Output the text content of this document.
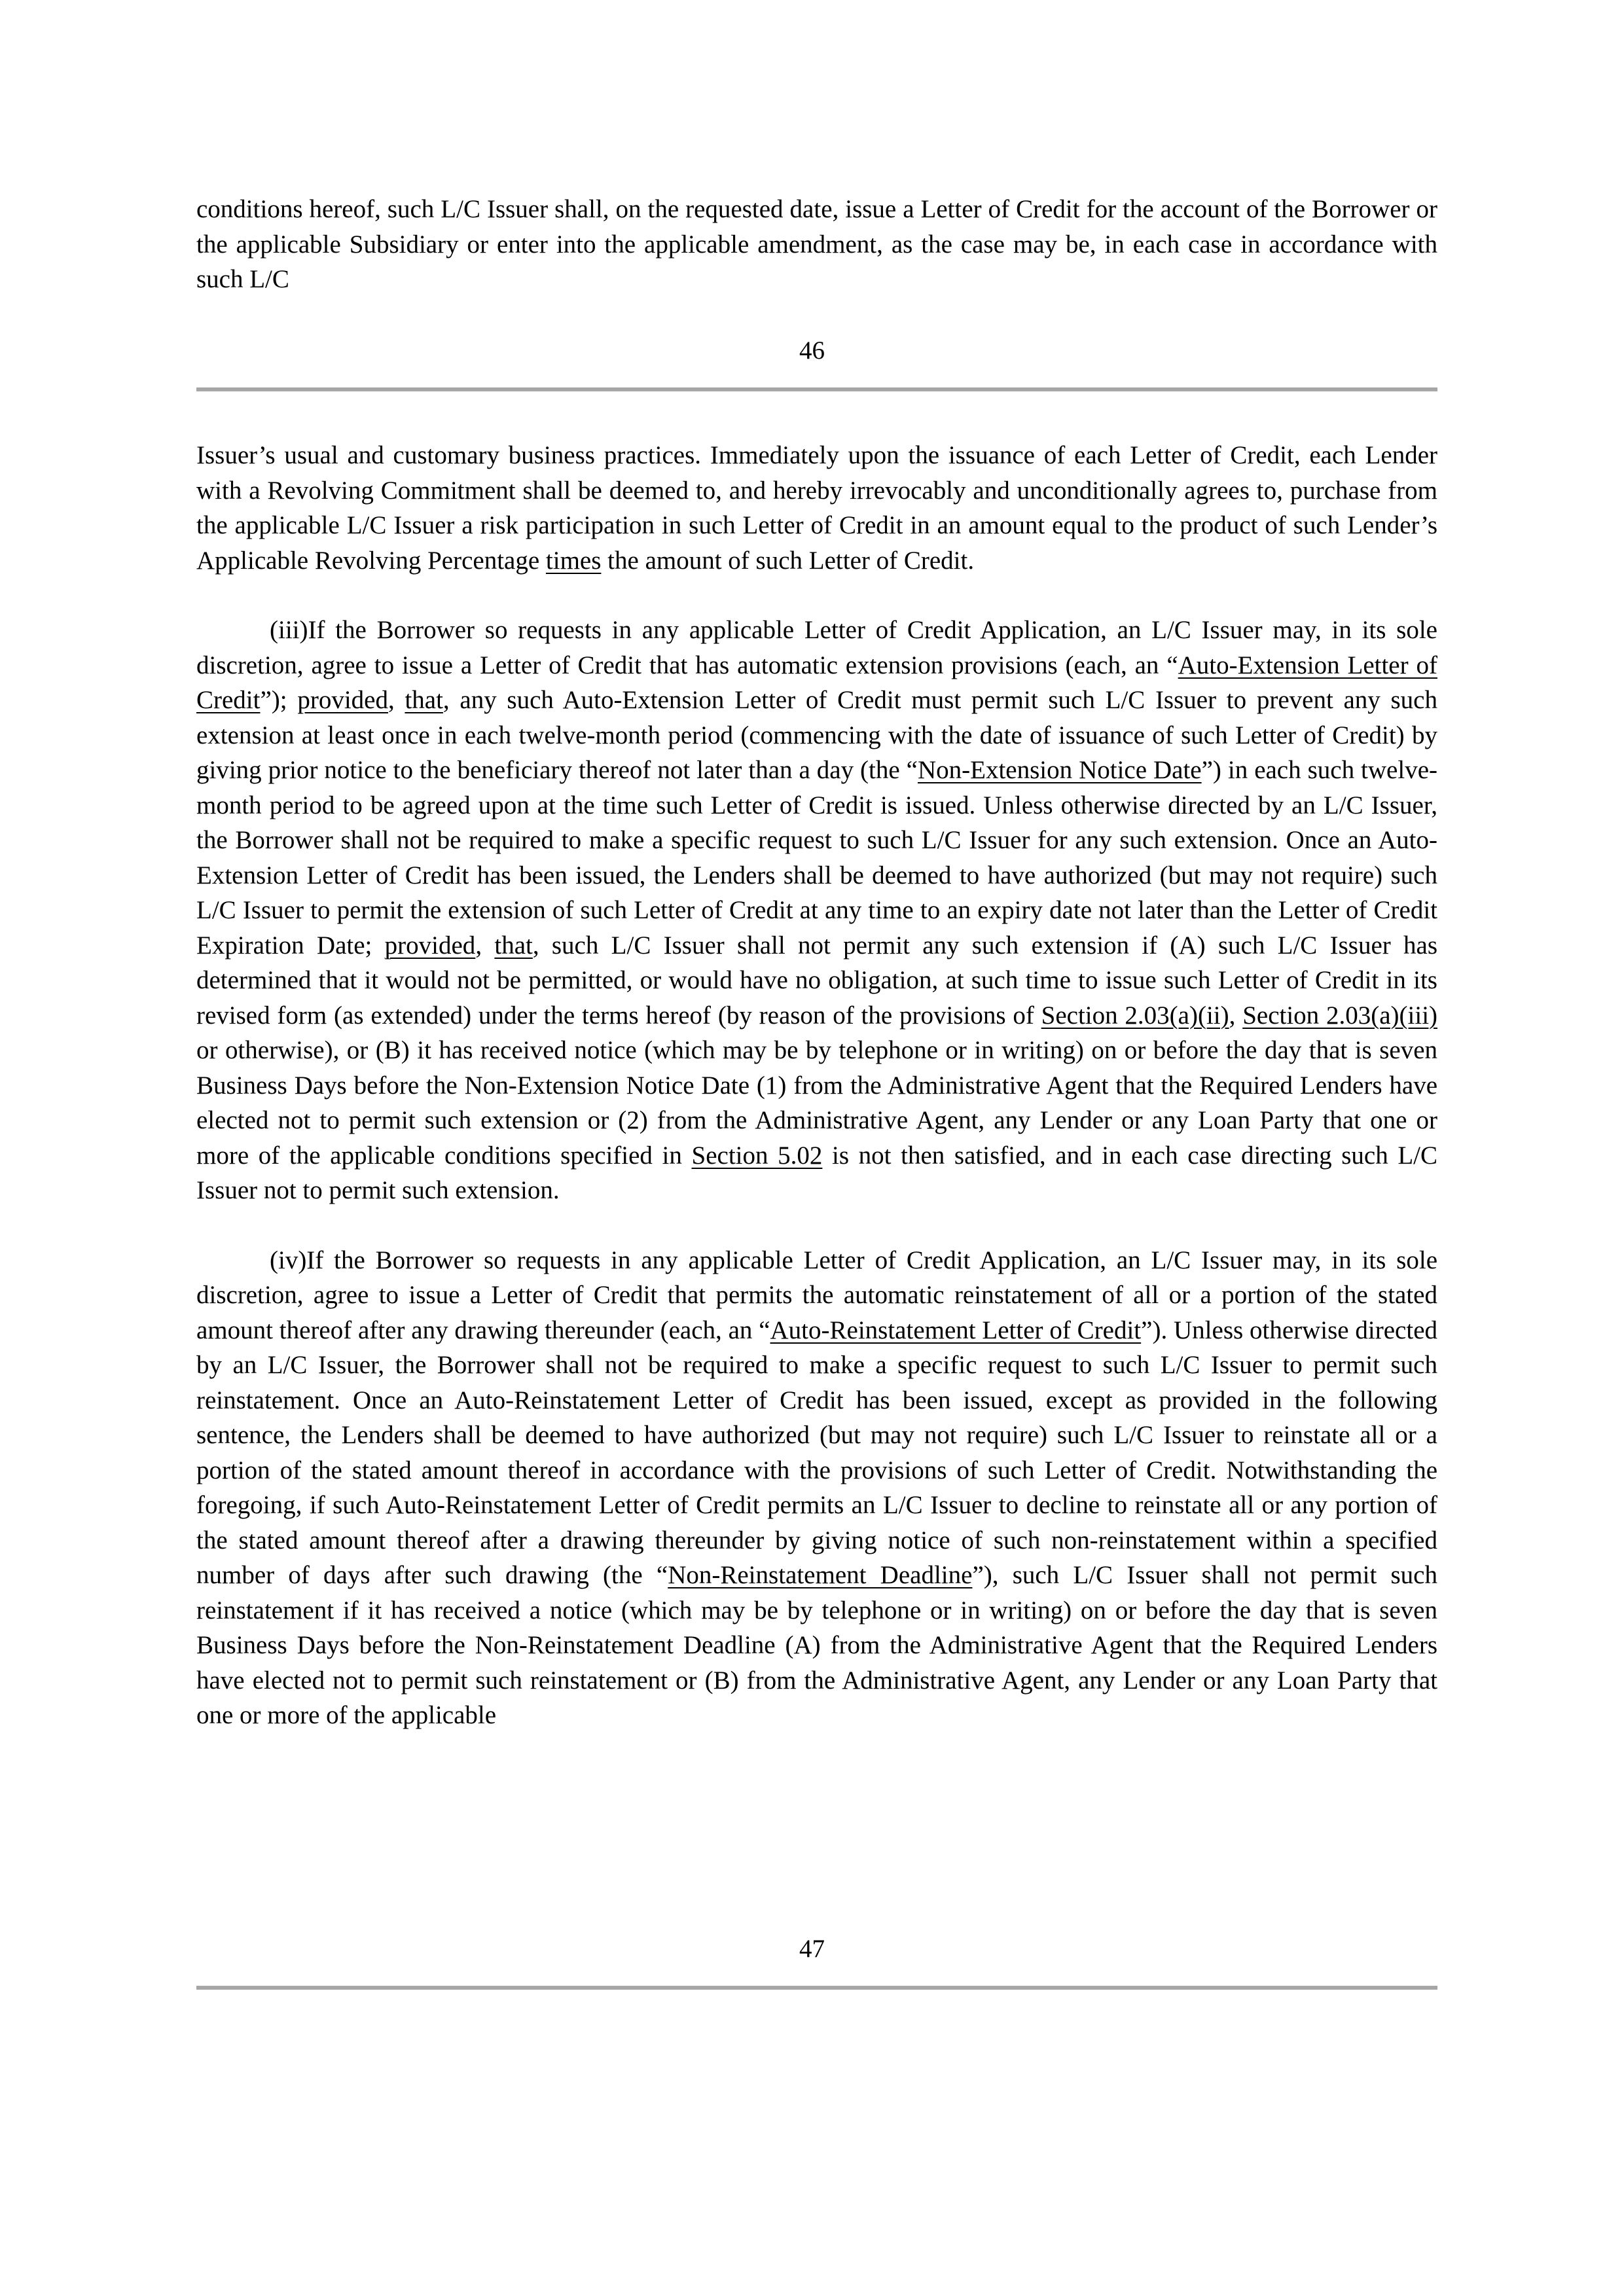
conditions hereof, such L/C Issuer shall, on the requested date, issue a Letter of Credit for the account of the Borrower or the applicable Subsidiary or enter into the applicable amendment, as the case may be, in each case in accordance with such L/C

46

Issuer’s usual and customary business practices. Immediately upon the issuance of each Letter of Credit, each Lender with a Revolving Commitment shall be deemed to, and hereby irrevocably and unconditionally agrees to, purchase from the applicable L/C Issuer a risk participation in such Letter of Credit in an amount equal to the product of such Lender’s Applicable Revolving Percentage times the amount of such Letter of Credit.

(iii)If the Borrower so requests in any applicable Letter of Credit Application, an L/C Issuer may, in its sole discretion, agree to issue a Letter of Credit that has automatic extension provisions (each, an “Auto-Extension Letter of Credit”); provided, that, any such Auto-Extension Letter of Credit must permit such L/C Issuer to prevent any such extension at least once in each twelve-month period (commencing with the date of issuance of such Letter of Credit) by giving prior notice to the beneficiary thereof not later than a day (the “Non-Extension Notice Date”) in each such twelve-month period to be agreed upon at the time such Letter of Credit is issued. Unless otherwise directed by an L/C Issuer, the Borrower shall not be required to make a specific request to such L/C Issuer for any such extension. Once an Auto-Extension Letter of Credit has been issued, the Lenders shall be deemed to have authorized (but may not require) such L/C Issuer to permit the extension of such Letter of Credit at any time to an expiry date not later than the Letter of Credit Expiration Date; provided, that, such L/C Issuer shall not permit any such extension if (A) such L/C Issuer has determined that it would not be permitted, or would have no obligation, at such time to issue such Letter of Credit in its revised form (as extended) under the terms hereof (by reason of the provisions of Section 2.03(a)(ii), Section 2.03(a)(iii) or otherwise), or (B) it has received notice (which may be by telephone or in writing) on or before the day that is seven Business Days before the Non-Extension Notice Date (1) from the Administrative Agent that the Required Lenders have elected not to permit such extension or (2) from the Administrative Agent, any Lender or any Loan Party that one or more of the applicable conditions specified in Section 5.02 is not then satisfied, and in each case directing such L/C Issuer not to permit such extension.

(iv)If the Borrower so requests in any applicable Letter of Credit Application, an L/C Issuer may, in its sole discretion, agree to issue a Letter of Credit that permits the automatic reinstatement of all or a portion of the stated amount thereof after any drawing thereunder (each, an “Auto-Reinstatement Letter of Credit”). Unless otherwise directed by an L/C Issuer, the Borrower shall not be required to make a specific request to such L/C Issuer to permit such reinstatement. Once an Auto-Reinstatement Letter of Credit has been issued, except as provided in the following sentence, the Lenders shall be deemed to have authorized (but may not require) such L/C Issuer to reinstate all or a portion of the stated amount thereof in accordance with the provisions of such Letter of Credit. Notwithstanding the foregoing, if such Auto-Reinstatement Letter of Credit permits an L/C Issuer to decline to reinstate all or any portion of the stated amount thereof after a drawing thereunder by giving notice of such non-reinstatement within a specified number of days after such drawing (the “Non-Reinstatement Deadline”), such L/C Issuer shall not permit such reinstatement if it has received a notice (which may be by telephone or in writing) on or before the day that is seven Business Days before the Non-Reinstatement Deadline (A) from the Administrative Agent that the Required Lenders have elected not to permit such reinstatement or (B) from the Administrative Agent, any Lender or any Loan Party that one or more of the applicable

47
